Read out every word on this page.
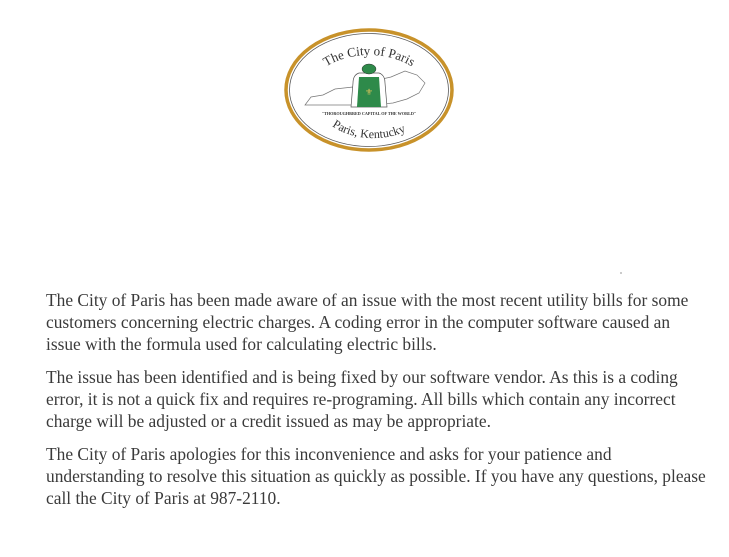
The City of Paris
⚜
"THOROUGHBRED CAPITAL OF THE WORLD"
Paris, Kentucky

The City of Paris has been made aware of an issue with the most recent utility bills for some customers concerning electric charges. A coding error in the computer software caused an issue with the formula used for calculating electric bills.

The issue has been identified and is being fixed by our software vendor. As this is a coding error, it is not a quick fix and requires re-programing. All bills which contain any incorrect charge will be adjusted or a credit issued as may be appropriate.

The City of Paris apologies for this inconvenience and asks for your patience and understanding to resolve this situation as quickly as possible. If you have any questions, please call the City of Paris at 987-2110.
